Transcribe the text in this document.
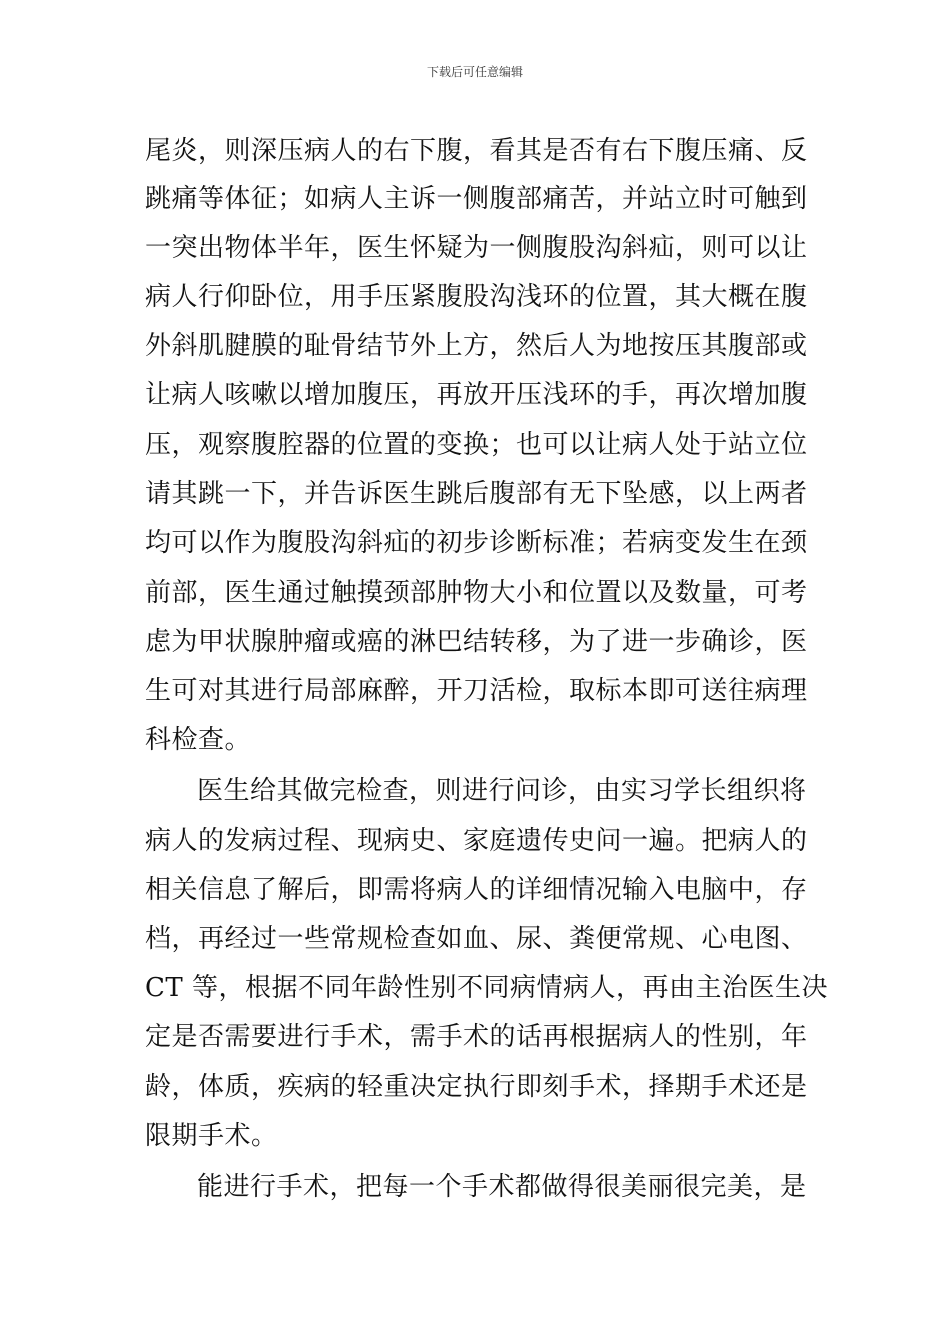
下载后可任意编辑
尾炎，则深压病人的右下腹，看其是否有右下腹压痛、反
跳痛等体征；如病人主诉一侧腹部痛苦，并站立时可触到
一突出物体半年，医生怀疑为一侧腹股沟斜疝，则可以让
病人行仰卧位，用手压紧腹股沟浅环的位置，其大概在腹
外斜肌腱膜的耻骨结节外上方，然后人为地按压其腹部或
让病人咳嗽以增加腹压，再放开压浅环的手，再次增加腹
压，观察腹腔器的位置的变换；也可以让病人处于站立位
请其跳一下，并告诉医生跳后腹部有无下坠感，以上两者
均可以作为腹股沟斜疝的初步诊断标准；若病变发生在颈
前部，医生通过触摸颈部肿物大小和位置以及数量，可考
虑为甲状腺肿瘤或癌的淋巴结转移，为了进一步确诊，医
生可对其进行局部麻醉，开刀活检，取标本即可送往病理
科检查。
医生给其做完检查，则进行问诊，由实习学长组织将
病人的发病过程、现病史、家庭遗传史问一遍。把病人的
相关信息了解后，即需将病人的详细情况输入电脑中，存
档，再经过一些常规检查如血、尿、粪便常规、心电图、
CT 等，根据不同年龄性别不同病情病人，再由主治医生决
定是否需要进行手术，需手术的话再根据病人的性别，年
龄，体质，疾病的轻重决定执行即刻手术，择期手术还是
限期手术。
能进行手术，把每一个手术都做得很美丽很完美，是
